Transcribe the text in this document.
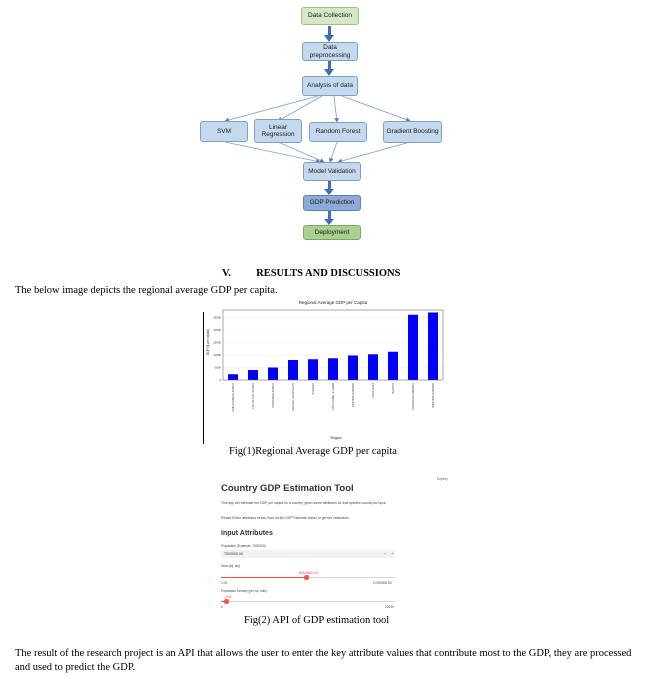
Data Collection
Data preprocessing
Analysis of data
SVM
Linear Regression	Random Forest	Gradient Boosting
Model Validation
GDP Prediction
Deployment
V. RESULTS AND DISCUSSIONS
The below image depicts the regional average GDP per capita.
Regional Average GDP per Capita
GDP ($ per capita)
Region
0
5000
10000
15000
20000
25000
SUB-SAHARAN AFRICA	C.W. OF IND. STATES	NORTHERN AFRICA	ASIA (EX. NEAR EAST)	OCEANIA	LATIN AMER. & CARIB	EASTERN EUROPE	NEAR EAST	BALTICS	NORTHERN AMERICA	WESTERN EUROPE
Fig(1)Regional Average GDP per capita
Deploy
Country GDP Estimation Tool
This app will estimate the GDP per capita for a country, given some attributes for that specific country as input.
Please fill the attributes below, then hit the GDP Estimate button to get the estimation.
Input Attributes
Population (Example: 7000000)
7000000.00	− +
Area (sq. km)
8364860.00
2.00	17000000.00
Population Density (per sq. mile)
228
0	12000
Fig(2) API of GDP estimation tool
The result of the research project is an API that allows the user to enter the key attribute values that contribute most to the GDP, they are processed and used to predict the GDP.
